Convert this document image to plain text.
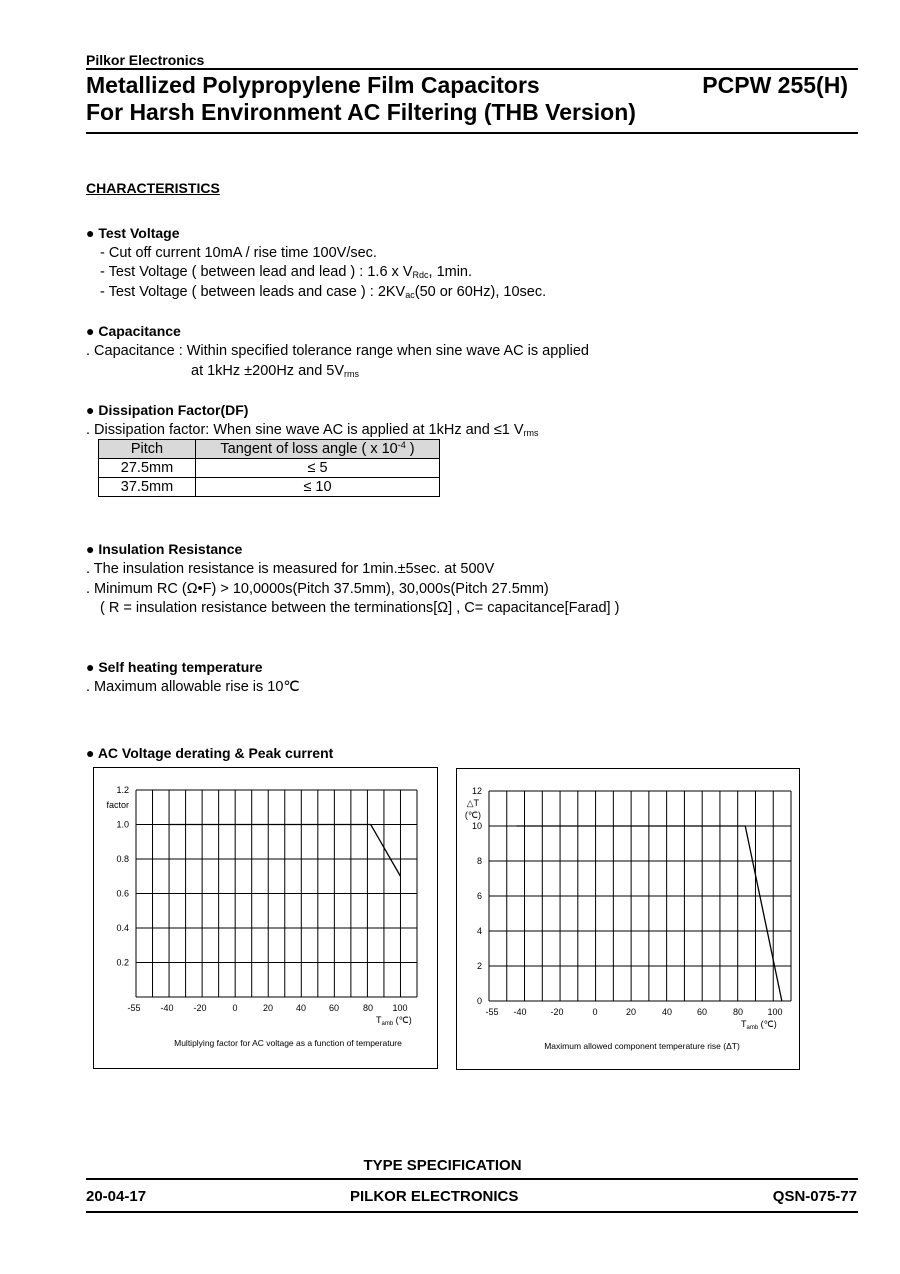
Pilkor Electronics
Metallized Polypropylene Film Capacitors
For Harsh Environment AC Filtering (THB Version)
PCPW 255(H)
CHARACTERISTICS
● Test Voltage
- Cut off current 10mA / rise time 100V/sec.
- Test Voltage ( between lead and lead ) : 1.6 x $V_{Rdc}$, 1min.
- Test Voltage ( between leads and case ) : $2KV_{ac}(50$ or 60Hz), 10sec.
● Capacitance
. Capacitance : Within specified tolerance range when sine wave AC is applied
at 1kHz ±200Hz and $5V_{rms}$
● Dissipation Factor(DF)
. Dissipation factor: When sine wave AC is applied at 1kHz and ≤1 $V_{rms}$
Pitch	Tangent of loss angle ( x $10^{-4}$ )
27.5mm	≤ 5
37.5mm	≤ 10
● Insulation Resistance
. The insulation resistance is measured for 1min.±5sec. at 500V
. Minimum RC (Ω•F) > 10,0000s(Pitch 37.5mm), 30,000s(Pitch 27.5mm)
( R = insulation resistance between the terminations[Ω] , C= capacitance[Farad] )
● Self heating temperature
. Maximum allowable rise is 10℃
● AC Voltage derating & Peak current
1.2
1.0
0.8
0.6
0.4
0.2
-55 -40 -20	0	20	40	60	80 100
$T_{amb}$ (℃)
Multiplying factor for AC voltage as a function of temperature
factor
12
10
8
6
4
2
0
-55 -40	-20	0	20	40	60	80	100
$T_{amb}$ (℃)
Maximum allowed component temperature rise (ΔT)
△T
(℃)
TYPE SPECIFICATION
20-04-17	PILKOR ELECTRONICS	QSN-075-77
